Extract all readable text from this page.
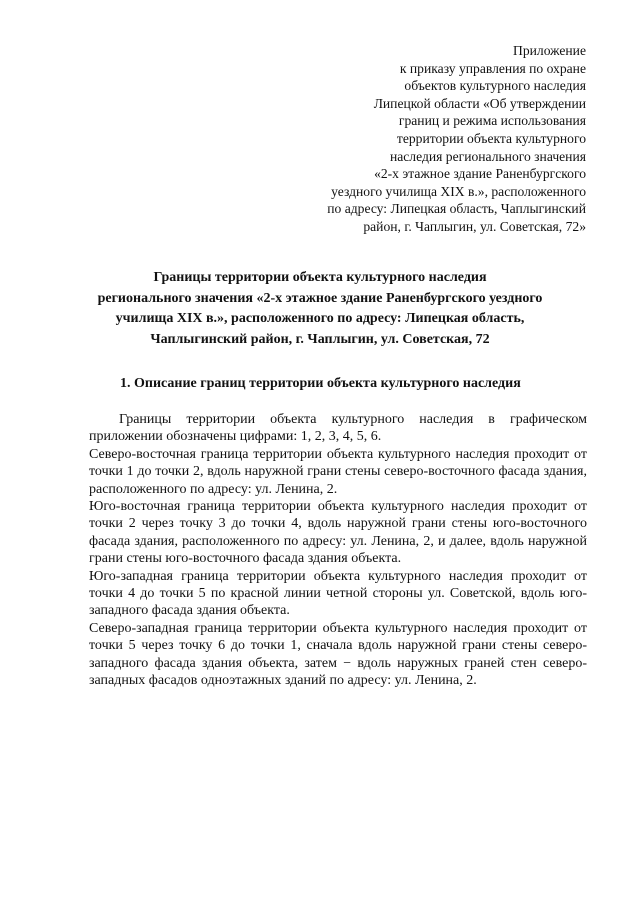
Приложение
к приказу управления по охране
объектов культурного наследия
Липецкой области «Об утверждении
границ и режима использования
территории объекта культурного
наследия регионального значения
«2-х этажное здание Раненбургского
уездного училища XIX в.», расположенного
по адресу: Липецкая область, Чаплыгинский
район, г. Чаплыгин, ул. Советская, 72»
Границы территории объекта культурного наследия
регионального значения «2-х этажное здание Раненбургского уездного
училища XIX в.», расположенного по адресу: Липецкая область,
Чаплыгинский район, г. Чаплыгин, ул. Советская, 72
1. Описание границ территории объекта культурного наследия

Границы территории объекта культурного наследия в графическом приложении обозначены цифрами: 1, 2, 3, 4, 5, 6.

Северо-восточная граница территории объекта культурного наследия проходит от точки 1 до точки 2, вдоль наружной грани стены северо-восточного фасада здания, расположенного по адресу: ул. Ленина, 2.

Юго-восточная граница территории объекта культурного наследия проходит от точки 2 через точку 3 до точки 4, вдоль наружной грани стены юго-восточного фасада здания, расположенного по адресу: ул. Ленина, 2, и далее, вдоль наружной грани стены юго-восточного фасада здания объекта.

Юго-западная граница территории объекта культурного наследия проходит от точки 4 до точки 5 по красной линии четной стороны ул. Советской, вдоль юго-западного фасада здания объекта.

Северо-западная граница территории объекта культурного наследия проходит от точки 5 через точку 6 до точки 1, сначала вдоль наружной грани стены северо-западного фасада здания объекта, затем − вдоль наружных граней стен северо-западных фасадов одноэтажных зданий по адресу: ул. Ленина, 2.
